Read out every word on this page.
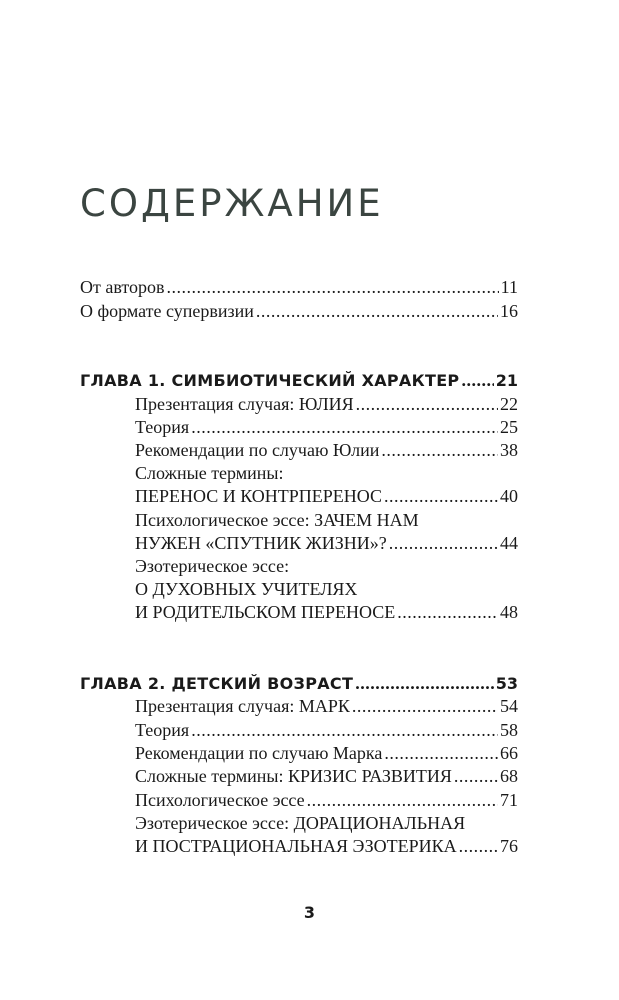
СОДЕРЖАНИЕ
От авторов .....	11
О формате супервизии .....	16
ГЛАВА 1. СИМБИОТИЧЕСКИЙ ХАРАКТЕР ..... 21
Презентация случая: ЮЛИЯ .....	22
Теория .....	25
Рекомендации по случаю Юлии .....	38
Сложные термины:
ПЕРЕНОС И КОНТРПЕРЕНОС .....	40
Психологическое эссе: ЗАЧЕМ НАМ
НУЖЕН «СПУТНИК ЖИЗНИ»? .....	44
Эзотерическое эссе:
О ДУХОВНЫХ УЧИТЕЛЯХ
И РОДИТЕЛЬСКОМ ПЕРЕНОСЕ .....	48
ГЛАВА 2. ДЕТСКИЙ ВОЗРАСТ .....	53
Презентация случая: МАРК .....	54
Теория .....	58
Рекомендации по случаю Марка .....	66
Сложные термины: КРИЗИС РАЗВИТИЯ .....	68
Психологическое эссе .....	71
Эзотерическое эссе: ДОРАЦИОНАЛЬНАЯ
И ПОСТРАЦИОНАЛЬНАЯ ЭЗОТЕРИКА ..... 76
3
